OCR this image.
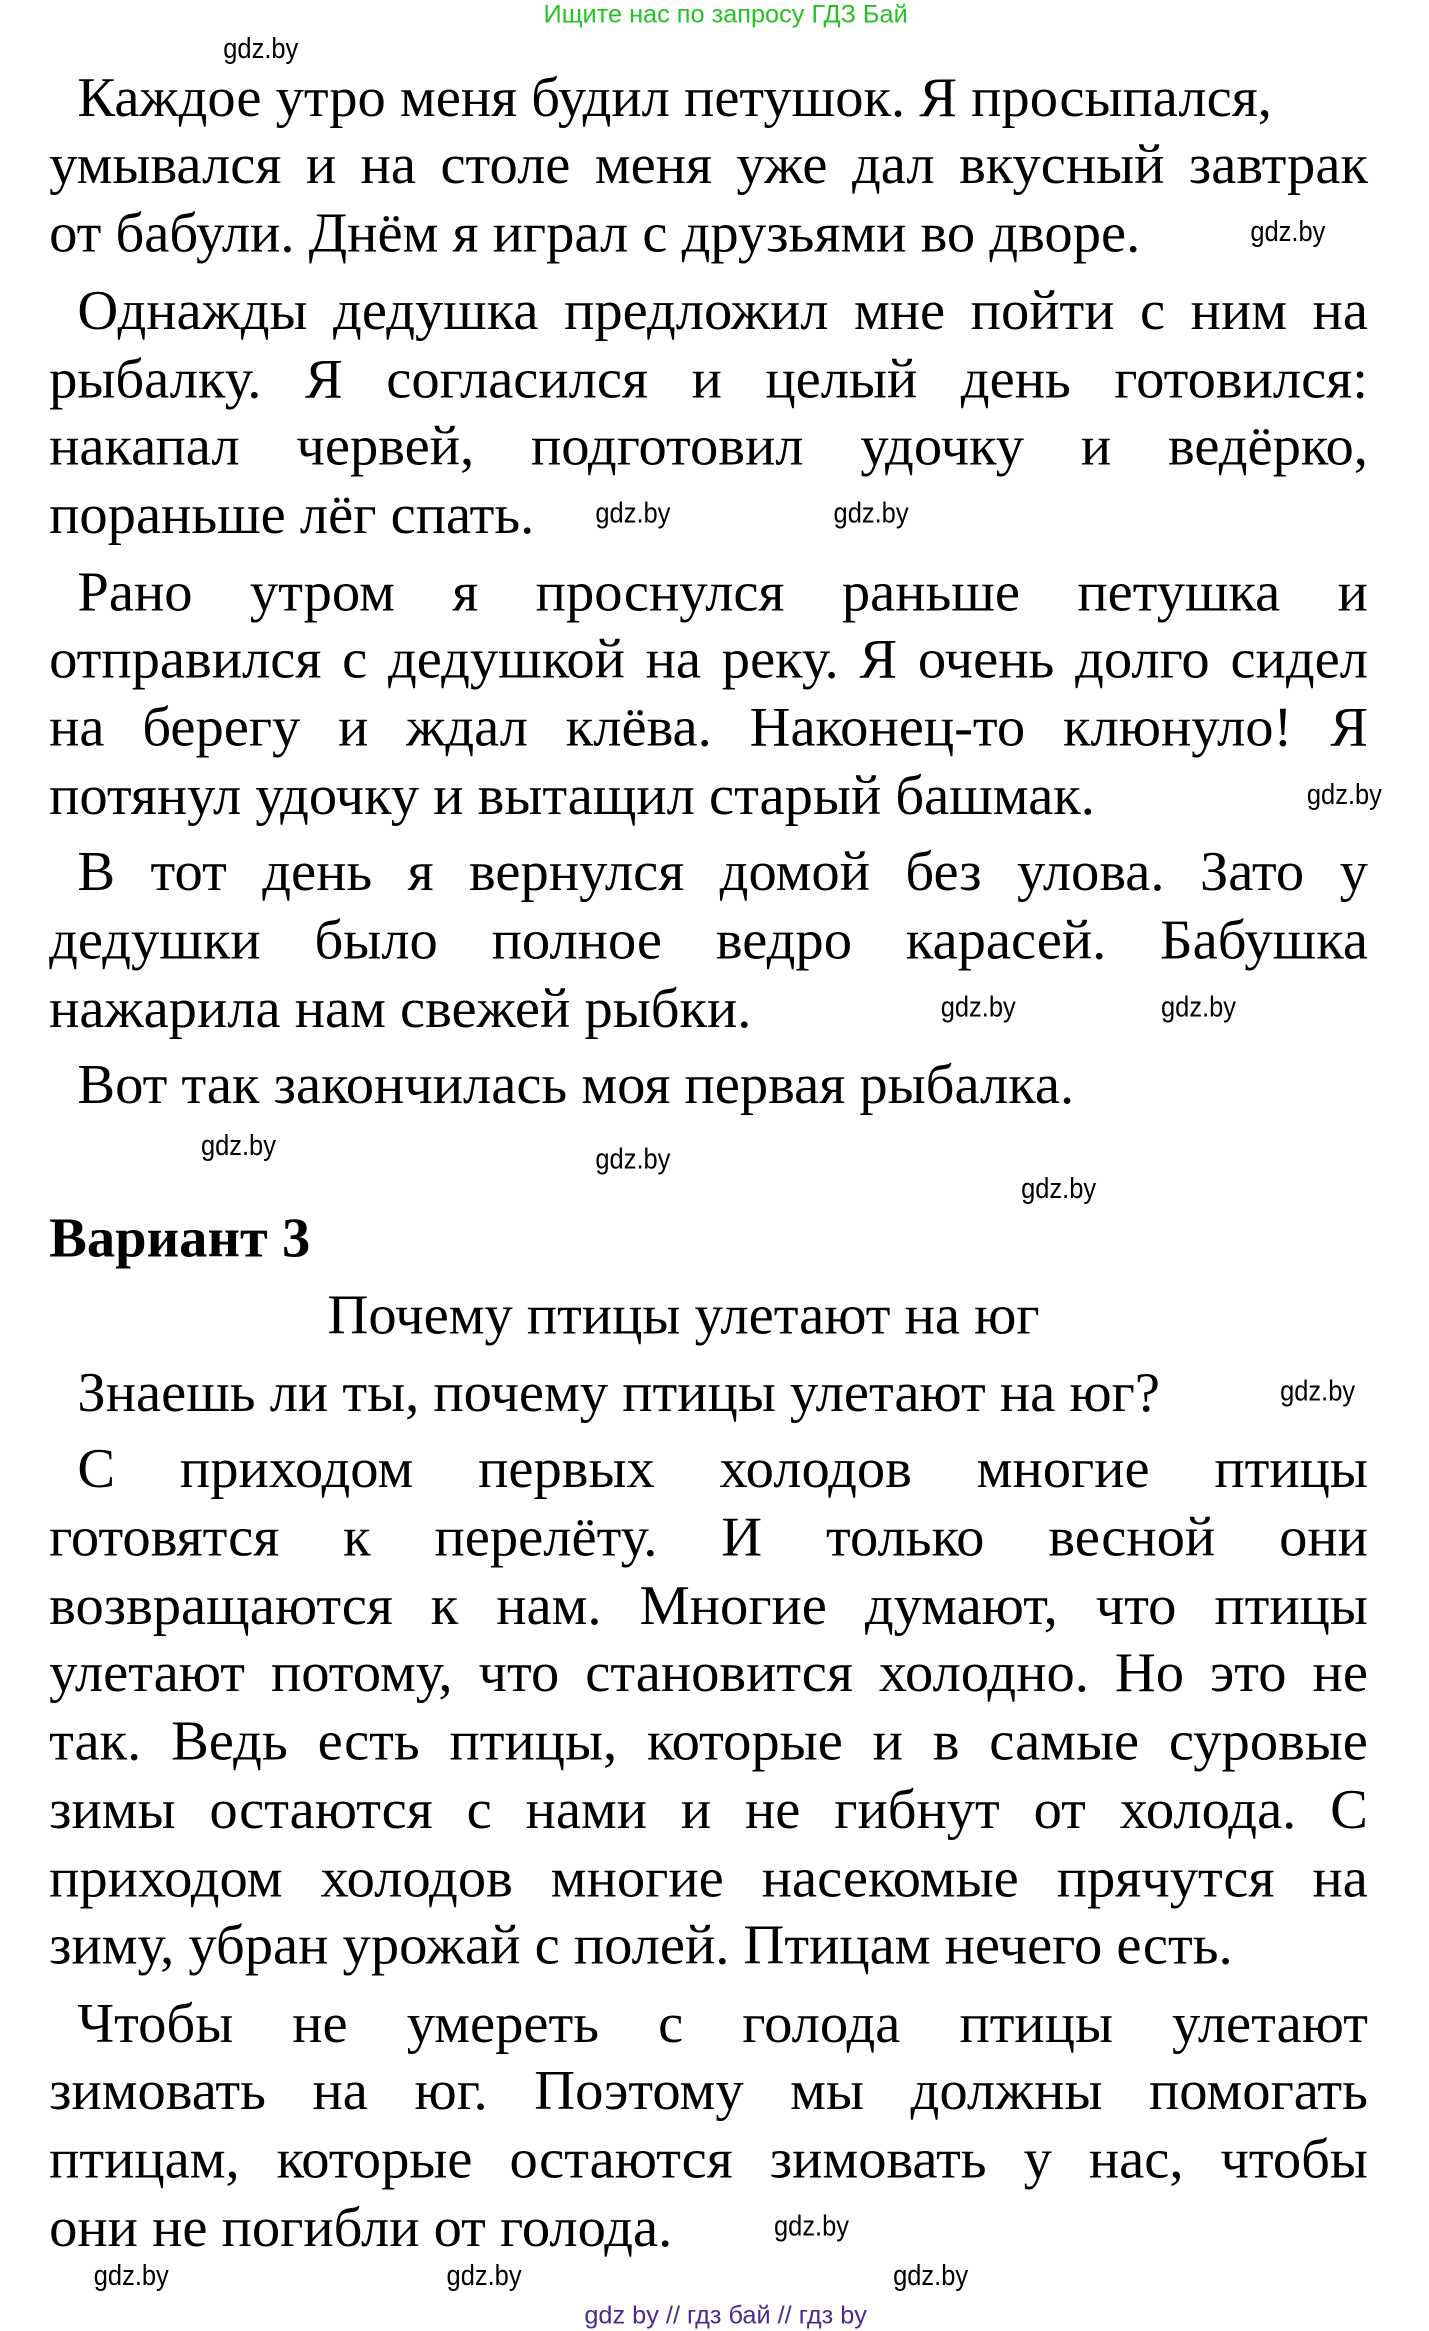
Ищите нас по запросу ГДЗ Бай
gdz by // гдз бай // гдз by
Каждое утро меня будил петушок. Я просыпался,
умывался и на столе меня уже дал вкусный завтрак
от бабули. Днём я играл с друзьями во дворе.
Однажды дедушка предложил мне пойти с ним на
рыбалку. Я согласился и целый день готовился:
накапал червей, подготовил удочку и ведёрко,
пораньше лёг спать.
Рано утром я проснулся раньше петушка и
отправился с дедушкой на реку. Я очень долго сидел
на берегу и ждал клёва. Наконец-то клюнуло! Я
потянул удочку и вытащил старый башмак.
В тот день я вернулся домой без улова. Зато у
дедушки было полное ведро карасей. Бабушка
нажарила нам свежей рыбки.
Вот так закончилась моя первая рыбалка.
Вариант 3
Почему птицы улетают на юг
Знаешь ли ты, почему птицы улетают на юг?
С приходом первых холодов многие птицы
готовятся к перелёту. И только весной они
возвращаются к нам. Многие думают, что птицы
улетают потому, что становится холодно. Но это не
так. Ведь есть птицы, которые и в самые суровые
зимы остаются с нами и не гибнут от холода. С
приходом холодов многие насекомые прячутся на
зиму, убран урожай с полей. Птицам нечего есть.
Чтобы не умереть с голода птицы улетают
зимовать на юг. Поэтому мы должны помогать
птицам, которые остаются зимовать у нас, чтобы
они не погибли от голода.
gdz.by
gdz.by
gdz.by	gdz.by
gdz.by
gdz.by
gdz.by
gdz.by	gdz.by
gdz.by
gdz.by
gdz.by
gdz.by	gdz.by	gdz.by
